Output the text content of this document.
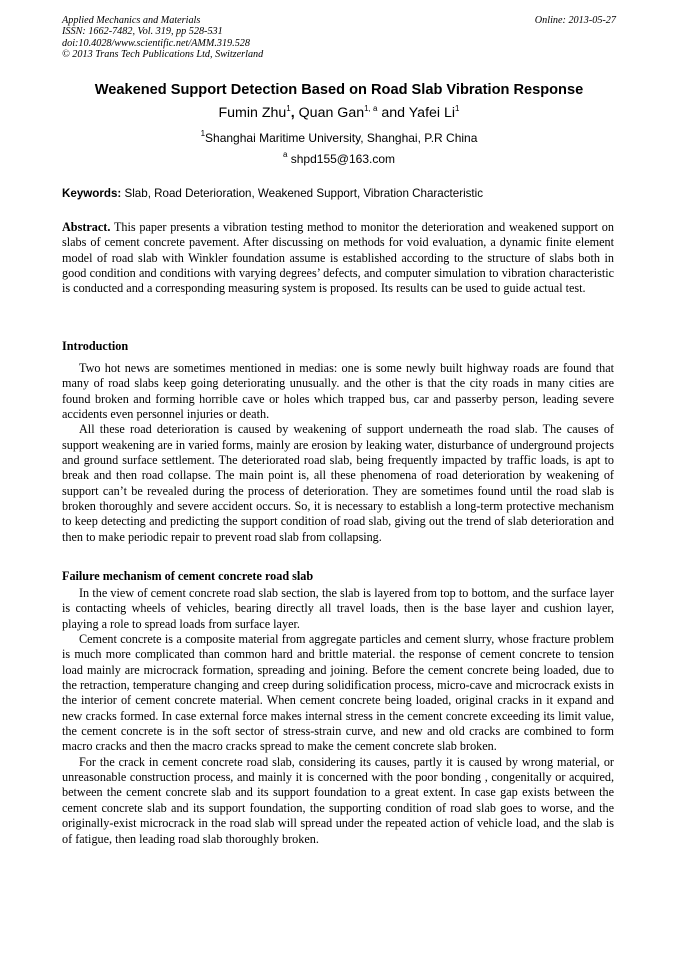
Applied Mechanics and Materials
ISSN: 1662-7482, Vol. 319, pp 528-531
doi:10.4028/www.scientific.net/AMM.319.528
© 2013 Trans Tech Publications Ltd, Switzerland
Online: 2013-05-27
Weakened Support Detection Based on Road Slab Vibration Response
Fumin Zhu$^1$, Quan Gan$^{1, a}$ and Yafei Li$^1$
$^1$Shanghai Maritime University, Shanghai, P.R China
$^a$ shpd155@163.com
Keywords: Slab, Road Deterioration, Weakened Support, Vibration Characteristic

Abstract. This paper presents a vibration testing method to monitor the deterioration and weakened support on slabs of cement concrete pavement. After discussing on methods for void evaluation, a dynamic finite element model of road slab with Winkler foundation assume is established according to the structure of slabs both in good condition and conditions with varying degrees’ defects, and computer simulation to vibration characteristic is conducted and a corresponding measuring system is proposed. Its results can be used to guide actual test.

Introduction

Two hot news are sometimes mentioned in medias: one is some newly built highway roads are found that many of road slabs keep going deteriorating unusually. and the other is that the city roads in many cities are found broken and forming horrible cave or holes which trapped bus, car and passerby person, leading severe accidents even personnel injuries or death.

All these road deterioration is caused by weakening of support underneath the road slab. The causes of support weakening are in varied forms, mainly are erosion by leaking water, disturbance of underground projects and ground surface settlement. The deteriorated road slab, being frequently impacted by traffic loads, is apt to break and then road collapse. The main point is, all these phenomena of road deterioration by weakening of support can’t be revealed during the process of deterioration. They are sometimes found until the road slab is broken thoroughly and severe accident occurs. So, it is necessary to establish a long-term protective mechanism to keep detecting and predicting the support condition of road slab, giving out the trend of slab deterioration and then to make periodic repair to prevent road slab from collapsing.

Failure mechanism of cement concrete road slab

In the view of cement concrete road slab section, the slab is layered from top to bottom, and the surface layer is contacting wheels of vehicles, bearing directly all travel loads, then is the base layer and cushion layer, playing a role to spread loads from surface layer.

Cement concrete is a composite material from aggregate particles and cement slurry, whose fracture problem is much more complicated than common hard and brittle material. the response of cement concrete to tension load mainly are microcrack formation, spreading and joining. Before the cement concrete being loaded, due to the retraction, temperature changing and creep during solidification process, micro-cave and microcrack exists in the interior of cement concrete material. When cement concrete being loaded, original cracks in it expand and new cracks formed. In case external force makes internal stress in the cement concrete exceeding its limit value, the cement concrete is in the soft sector of stress-strain curve, and new and old cracks are combined to form macro cracks and then the macro cracks spread to make the cement concrete slab broken.

For the crack in cement concrete road slab, considering its causes, partly it is caused by wrong material, or unreasonable construction process, and mainly it is concerned with the poor bonding , congenitally or acquired, between the cement concrete slab and its support foundation to a great extent. In case gap exists between the cement concrete slab and its support foundation, the supporting condition of road slab goes to worse, and the originally-exist microcrack in the road slab will spread under the repeated action of vehicle load, and the slab is of fatigue, then leading road slab thoroughly broken.
